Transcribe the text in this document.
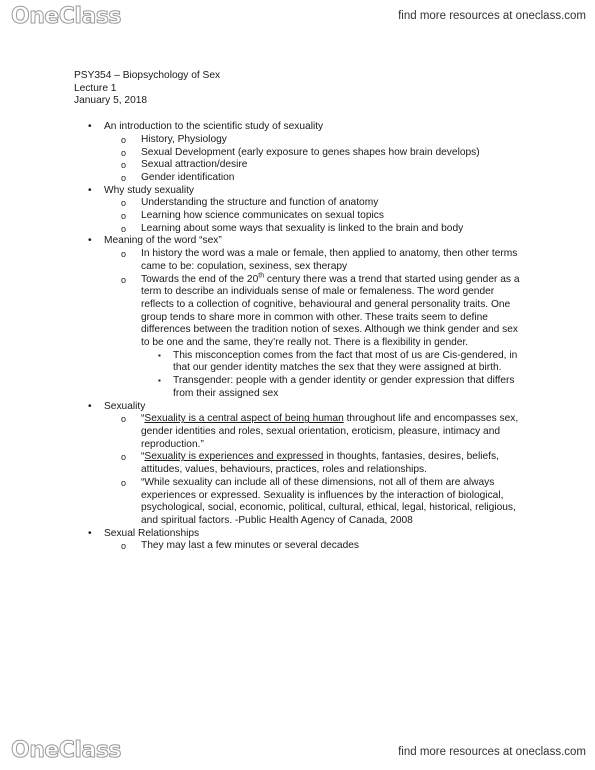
OneClass	find more resources at oneclass.com
PSY354 – Biopsychology of Sex
Lecture 1
January 5, 2018
• An introduction to the scientific study of sexuality
o History, Physiology
o Sexual Development (early exposure to genes shapes how brain develops)
o Sexual attraction/desire
o Gender identification
• Why study sexuality
o Understanding the structure and function of anatomy
o Learning how science communicates on sexual topics
o Learning about some ways that sexuality is linked to the brain and body
• Meaning of the word “sex”
o In history the word was a male or female, then applied to anatomy, then other terms came to be: copulation, sexiness, sex therapy
o Towards the end of the 20th century there was a trend that started using gender as a term to describe an individuals sense of male or femaleness. The word gender reflects to a collection of cognitive, behavioural and general personality traits. One group tends to share more in common with other. These traits seem to define differences between the tradition notion of sexes. Although we think gender and sex to be one and the same, they’re really not. There is a flexibility in gender.
▪ This misconception comes from the fact that most of us are Cis-gendered, in that our gender identity matches the sex that they were assigned at birth.
▪ Transgender: people with a gender identity or gender expression that differs from their assigned sex
• Sexuality
o “Sexuality is a central aspect of being human throughout life and encompasses sex, gender identities and roles, sexual orientation, eroticism, pleasure, intimacy and reproduction.”
o “Sexuality is experiences and expressed in thoughts, fantasies, desires, beliefs, attitudes, values, behaviours, practices, roles and relationships.
o “While sexuality can include all of these dimensions, not all of them are always experiences or expressed. Sexuality is influences by the interaction of biological, psychological, social, economic, political, cultural, ethical, legal, historical, religious, and spiritual factors. -Public Health Agency of Canada, 2008
• Sexual Relationships
o They may last a few minutes or several decades
OneClass	find more resources at oneclass.com
